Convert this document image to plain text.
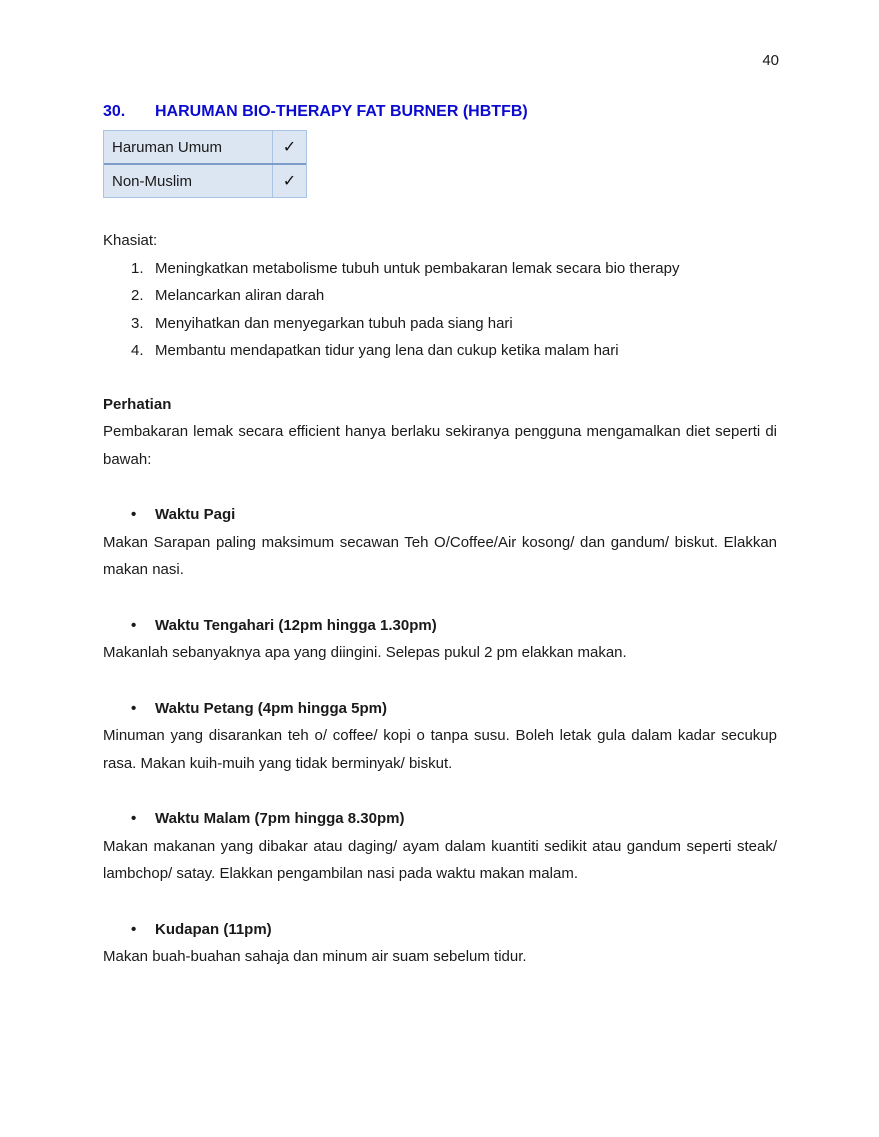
40
30.	HARUMAN BIO-THERAPY FAT BURNER (HBTFB)
Haruman Umum	✓
Non-Muslim	✓
Khasiat:
1. Meningkatkan metabolisme tubuh untuk pembakaran lemak secara bio therapy
2. Melancarkan aliran darah
3. Menyihatkan dan menyegarkan tubuh pada siang hari
4. Membantu mendapatkan tidur yang lena dan cukup ketika malam hari
Perhatian
Pembakaran lemak secara efficient hanya berlaku sekiranya pengguna mengamalkan diet seperti di bawah:
•	Waktu Pagi
Makan Sarapan paling maksimum secawan Teh O/Coffee/Air kosong/ dan gandum/ biskut. Elakkan makan nasi.
•	Waktu Tengahari (12pm hingga 1.30pm)
Makanlah sebanyaknya apa yang diingini. Selepas pukul 2 pm elakkan makan.
•	Waktu Petang (4pm hingga 5pm)
Minuman yang disarankan teh o/ coffee/ kopi o tanpa susu. Boleh letak gula dalam kadar secukup rasa. Makan kuih-muih yang tidak berminyak/ biskut.
•	Waktu Malam (7pm hingga 8.30pm)
Makan makanan yang dibakar atau daging/ ayam dalam kuantiti sedikit atau gandum seperti steak/ lambchop/ satay. Elakkan pengambilan nasi pada waktu makan malam.
•	Kudapan (11pm)
Makan buah-buahan sahaja dan minum air suam sebelum tidur.
